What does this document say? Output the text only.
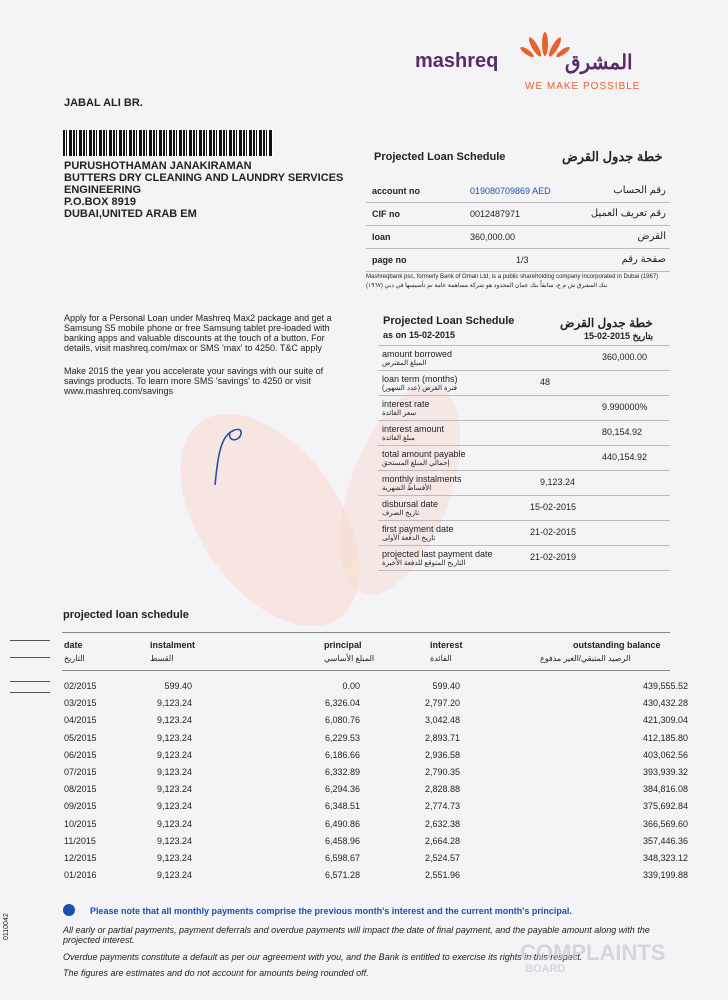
mashreq	المشرق
WE MAKE POSSIBLE
JABAL ALI BR.
PURUSHOTHAMAN JANAKIRAMAN
BUTTERS DRY CLEANING AND LAUNDRY SERVICES ENGINEERING
P.O.BOX 8919
DUBAI,UNITED ARAB EM
Projected Loan Schedule	خطة جدول القرض
account no	019080709869 AED	رقم الحساب
CIF no	0012487971	رقم تعريف العميل
loan	360,000.00	القرض
page no	1/3	صفحة رقم
Mashreqbank psc, formerly Bank of Oman Ltd, is a public shareholding company incorporated in Dubai (1967)
بنك المشرق ش م ع، سابقاً بنك عمان المحدود هو شركة مساهمة عامة تم تأسيسها في دبي (١٩٦٧)
Apply for a Personal Loan under Mashreq Max2 package and get a Samsung S5 mobile phone or free Samsung tablet pre-loaded with banking apps and valuable discounts at the touch of a button. For details, visit mashreq.com/max or SMS 'max' to 4250. T&C apply
Make 2015 the year you accelerate your savings with our suite of savings products. To learn more SMS 'savings' to 4250 or visit www.mashreq.com/savings
Projected Loan Schedule
as on 15-02-2015
خطة جدول القرض
15-02-2015 بتاريخ
amount borrowed
المبلغ المقترض
360,000.00
loan term (months)
فترة القرض (عدد الشهور)
48
interest rate
سعر الفائدة
9.990000%
interest amount
مبلغ الفائدة
80,154.92
total amount payable
إجمالي المبلغ المستحق
440,154.92
monthly instalments
الأقساط الشهرية
9,123.24
disbursal date
تاريخ الصرف
15-02-2015
first payment date
تاريخ الدفعة الأولى
21-02-2015
projected last payment date
التاريخ المتوقع للدفعة الأخيرة
21-02-2019
projected loan schedule
date	instalment	principal	interest	outstanding balance
التاريخ	القسط	المبلغ الأساسي	الفائدة	الرصيد المتبقي/الغير مدفوع
02/2015	599.40	0.00	599.40	439,555.52
03/2015	9,123.24	6,326.04	2,797.20	430,432.28
04/2015	9,123.24	6,080.76	3,042.48	421,309.04
05/2015	9,123.24	6,229.53	2,893.71	412,185.80
06/2015	9,123.24	6,186.66	2,936.58	403,062.56
07/2015	9,123.24	6,332.89	2,790.35	393,939.32
08/2015	9,123.24	6,294.36	2,828.88	384,816.08
09/2015	9,123.24	6,348.51	2,774.73	375,692.84
10/2015	9,123.24	6,490.86	2,632.38	366,569.60
11/2015	9,123.24	6,458.96	2,664.28	357,446.36
12/2015	9,123.24	6,598.67	2,524.57	348,323.12
01/2016	9,123.24	6,571.28	2,551.96	339,199.88
Please note that all monthly payments comprise the previous month's interest and the current month's principal.
All early or partial payments, payment deferrals and overdue payments will impact the date of final payment, and the payable amount along with the projected interest.
Overdue payments constitute a default as per our agreement with you, and the Bank is entitled to exercise its rights in this respect.
The figures are estimates and do not account for amounts being rounded off.
0110042
COMPLAINTS
BOARD
